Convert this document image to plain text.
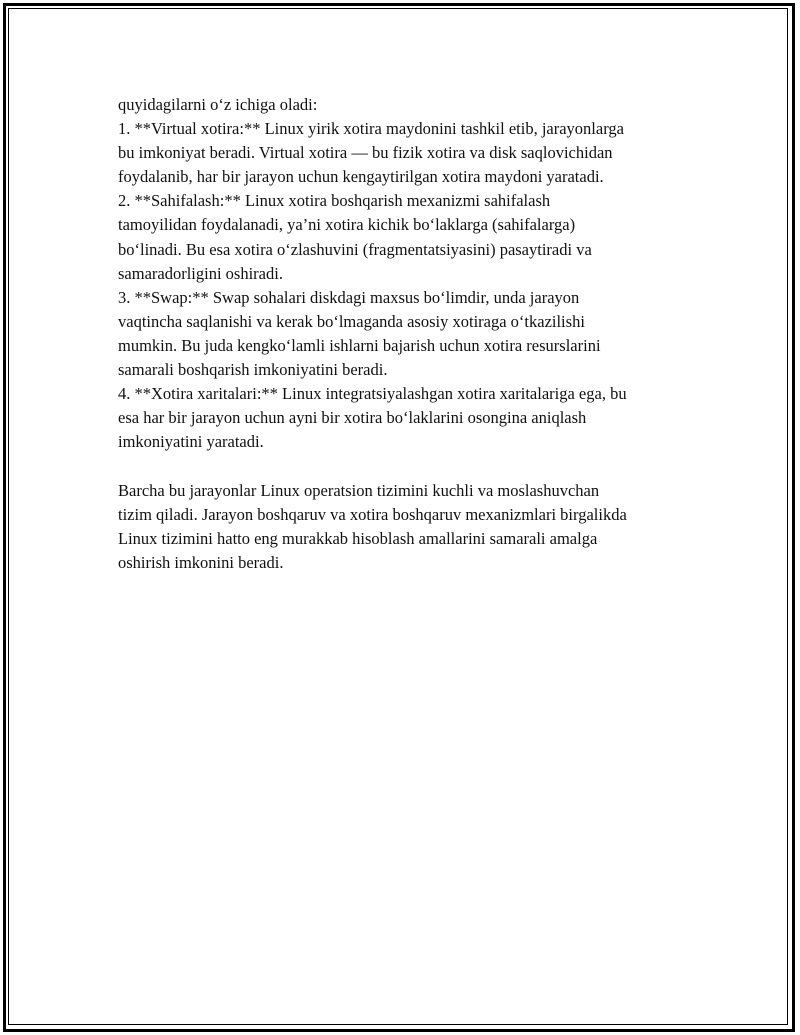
quyidagilarni o‘z ichiga oladi:
1. **Virtual xotira:** Linux yirik xotira maydonini tashkil etib, jarayonlarga
bu imkoniyat beradi. Virtual xotira — bu fizik xotira va disk saqlovichidan
foydalanib, har bir jarayon uchun kengaytirilgan xotira maydoni yaratadi.
2. **Sahifalash:** Linux xotira boshqarish mexanizmi sahifalash
tamoyilidan foydalanadi, ya’ni xotira kichik bo‘laklarga (sahifalarga)
bo‘linadi. Bu esa xotira o‘zlashuvini (fragmentatsiyasini) pasaytiradi va
samaradorligini oshiradi.
3. **Swap:** Swap sohalari diskdagi maxsus bo‘limdir, unda jarayon
vaqtincha saqlanishi va kerak bo‘lmaganda asosiy xotiraga o‘tkazilishi
mumkin. Bu juda kengko‘lamli ishlarni bajarish uchun xotira resurslarini
samarali boshqarish imkoniyatini beradi.
4. **Xotira xaritalari:** Linux integratsiyalashgan xotira xaritalariga ega, bu
esa har bir jarayon uchun ayni bir xotira bo‘laklarini osongina aniqlash
imkoniyatini yaratadi.
Barcha bu jarayonlar Linux operatsion tizimini kuchli va moslashuvchan
tizim qiladi. Jarayon boshqaruv va xotira boshqaruv mexanizmlari birgalikda
Linux tizimini hatto eng murakkab hisoblash amallarini samarali amalga
oshirish imkonini beradi.
